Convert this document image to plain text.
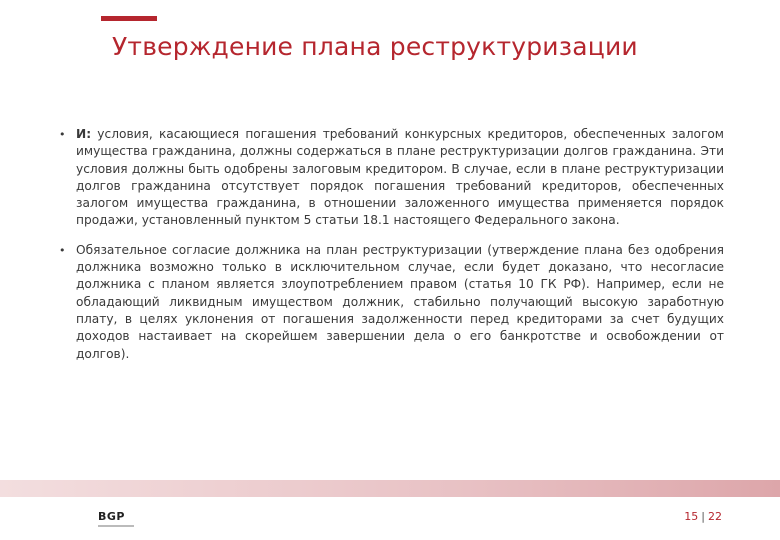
Утверждение плана реструктуризации
• И: условия, касающиеся погашения требований конкурсных кредиторов, обеспеченных залогом имущества гражданина, должны содержаться в плане реструктуризации долгов гражданина. Эти условия должны быть одобрены залоговым кредитором. В случае, если в плане реструктуризации долгов гражданина отсутствует порядок погашения требований кредиторов, обеспеченных залогом имущества гражданина, в отношении заложенного имущества применяется порядок продажи, установленный пунктом 5 статьи 18.1 настоящего Федерального закона.
• Обязательное согласие должника на план реструктуризации (утверждение плана без одобрения должника возможно только в исключительном случае, если будет доказано, что несогласие должника с планом является злоупотреблением правом (статья 10 ГК РФ). Например, если не обладающий ликвидным имуществом должник, стабильно получающий высокую заработную плату, в целях уклонения от погашения задолженности перед кредиторами за счет будущих доходов настаивает на скорейшем завершении дела о его банкротстве и освобождении от долгов).
BGP	15 | 22
